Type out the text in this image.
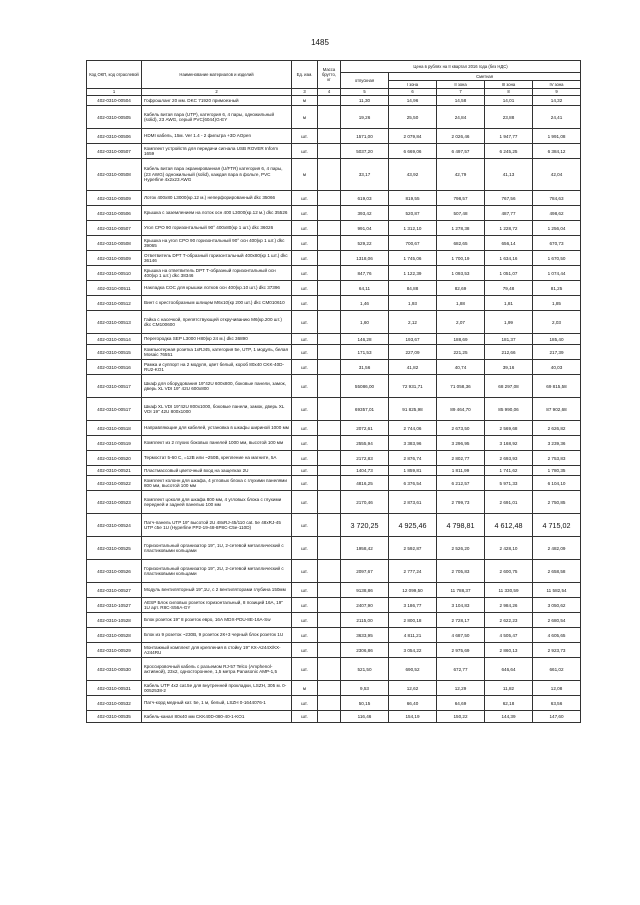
1485
Код ОКП, код отраслевой	Наименование материалов и изделий	Ед. изм.	Масса брутто, кг	Цена в рублях на II квартал 2016 года (без НДС)				
				отпускная	Сметная			
					I зона	II зона	III зона	IV зона
1	2	3	4	5	6	7	8	9
402-0310-00504	Гофрошланг 20 мм. DKC 71920 примоезный	м		11,30	14,96	14,58	14,01	14,32
402-0310-00505	Кабель витая пара (UTP), категория 6, 4 пары, одножильный (solid), 23 AWG, серый PVC(6044)G-EY	м		19,26	25,50	24,84	23,88	24,41
402-0310-00506	HDMI кабель, 15м. Ver 1.4 - 2 фильтра +3D AOpen	шт.		1571,00	2 079,84	2 026,46	1 947,77	1 991,08
402-0310-00507	Комплект устройств для передачи сигнала USB ROVER Inform 1659	шт.		5037,20	6 669,06	6 497,57	6 245,25	6 384,12
402-0310-00508	Кабель витая пара экранированная (U/FTR) категория 6, 4 пары, (23 AWG) одножильный (solid), каждая пара в фольге, PVC Hyperline 4x2x23 AWG	м		33,17	43,92	42,79	41,13	42,04
402-0310-00509	Лоток 400х80 L3000(кр.12 м.) неперфорированный dkc 35066	шт.		619,03	819,55	798,57	767,56	784,63
402-0310-00506	Крышка с заземлением на лоток осн 400 L3000(кр.12 м.) dkc 35526	шт.		393,42	520,87	507,48	487,77	498,62
402-0310-00507	Угол CPO 90 горизонтальный 90° 400x80(кр 1 шт.) dkc 36026	шт.		991,04	1 312,10	1 278,38	1 228,72	1 256,04
402-0310-00508	Крышка на угол CPO 90 горизонтальный 90° осн 400(кр 1 шт.) dkc 39065	шт.		529,22	700,67	682,65	656,14	670,73
402-0310-00509	Ответвитель DPT Т-образный горизонтальный 400х80(кр 1 шт.) dkc 36146	шт.		1318,06	1 745,06	1 700,19	1 634,16	1 670,50
402-0310-00510	Крышка на ответвитель DPT Т-образный горизонтальный осн 400(кр 1 шт.) dkc 38346	шт.		847,76	1 122,39	1 093,53	1 051,07	1 074,44
402-0310-00511	Накладка СОС для крышки лотков осн 400(кр.10 шт.) dkc 37396	шт.		64,11	84,88	82,69	79,48	81,25
402-0310-00512	Винт с крестообразным шлицем М6х10(кр 200 шт.) dkc CM010610	шт.		1,46	1,93	1,88	1,81	1,85
402-0310-00513	Гайка с насечкой, препятствующей откручиванию М6(кр.200 шт.) dkc CM100600	шт.		1,60	2,12	2,07	1,99	2,03
402-0310-00514	Перегородка SEP L3000 H80(кр 24 м.) dkc 36890	шт.		146,28	193,67	188,69	181,37	185,40
402-0310-00515	Компьютерная розетка 1xRJ45, категория 5е, UTP, 1 модуль, белая Mosaic 76551	шт.		171,53	227,09	221,25	212,66	217,39
402-0310-00516	Рамка и суппорт на 2 модуля, цвет белый, короб 80х40 CKK-40D-RU2-KO1	шт.		31,56	41,82	40,74	39,16	40,03
402-0310-00517	Шкаф для оборудования 19"42U 600x800, боковые панели, замок, дверь XL VDI 19" 42U 600x800	шт.		55086,00	72 931,71	71 058,36	68 297,08	69 815,58
402-0310-00517	Шкаф XL VDI 19"42U 800x1000, боковые панели, замок, дверь XL VDI 19" 42U 800x1000	шт.		69357,01	91 825,98	89 464,70	85 990,06	87 902,68
402-0310-00518	Направляющие для кабелей, установка в шкафы шириной 1000 мм	шт.		2072,61	2 744,06	2 673,50	2 569,68	2 626,82
402-0310-00519	Комплект из 2 глухих боковых панелей 1000 мм, высотой 100 мм	шт.		2555,94	3 383,96	3 296,95	3 168,92	3 239,36
402-0310-00520	Термостат 5-60 С, =12В или ~250В, крепление на магните, 5А	шт.		2172,83	2 876,74	2 802,77	2 693,93	2 753,83
402-0310-00521	Пластмассовый цветочный вход на защелках 2U	шт.		1404,73	1 859,81	1 811,99	1 741,62	1 780,35
402-0310-00522	Комплект колонн для шкафа, 4 угловых блока с глухими панелями 800 мм, высотой 100 мм	шт.		4816,25	6 376,54	6 212,57	5 971,33	6 104,10
402-0310-00523	Комплект цоколя для шкафа 800 мм, 4 угловых блока с глухими передней и задней панелью 100 мм	шт.		2170,46	2 873,61	2 799,73	2 691,01	2 750,85
402-0310-00524	Патч-панель UTP 19" высотой 2U 48xRJ-45/110 cat. 5e 48xRJ-45 UTP c5e 1U (Hyperline PP2-19-48-8P8C-C5e-110D)	шт.		3 720,25	4 925,46	4 798,81	4 612,48	4 715,02
402-0310-00525	Горизонтальный организатор 19", 1U, 2-сетевой металлический с пластиковыми кольцами	шт.		1958,42	2 592,87	2 526,20	2 428,10	2 482,09
402-0310-00526	Горизонтальный организатор 19", 2U, 2-сетевой металлический с пластиковыми кольцами	шт.		2097,67	2 777,24	2 705,83	2 600,75	2 658,58
402-0310-00527	Модуль вентиляторный 19",1U, с 2 вентиляторами глубина 150мм	шт.		9138,86	12 099,50	11 788,37	11 330,59	11 582,54
402-0310-10527	АЕSP Блок силовых розеток горизонтальный, 8 позиций 16А, 19" 1U арт. R8C-S56A-GY	шт.		2407,90	3 186,77	3 104,83	2 984,26	3 050,62
402-0310-10528	Блок розеток 19" 8 розеток евро, 16А MDX-PDU-8E-16A-Sw	шт.		2115,00	2 800,18	2 728,17	2 622,23	2 680,54
402-0310-00528	Блок из 9 розеток ~230В, 9 розеток 2К+3 черный блок розеток 1U	шт.		3633,95	4 811,21	4 687,50	4 505,47	4 605,65
402-0310-00529	Монтажный комплект для крепления в стойку 19" КХ-А244X/КХ-А244RU	шт.		2306,86	3 054,22	2 975,69	2 860,13	2 923,73
402-0310-00530	Кроссировочный кабель с разъемом RJ-57 Telco (Amphenol-активной), 23х2, одностороннее, 1,5 метра Panasonic AMP-1,5	шт.		521,50	690,52	672,77	646,64	661,02
402-0310-00531	Кабель UTP 4x2 cat.5e для внутренней прокладки, LSZH, 305 м. 0-0052538-2	м		9,53	12,62	12,29	11,82	12,08
402-0310-00532	Патч-корд медный кат. 5е, 1 м, белый, LSZH 0-1644076-1	шт.		50,15	66,40	64,69	62,18	63,56
402-0310-00535	Кабель-канал 80х40 мм CKK40D-080-40-1-KO1	шт.		116,46	154,19	150,22	144,39	147,60
